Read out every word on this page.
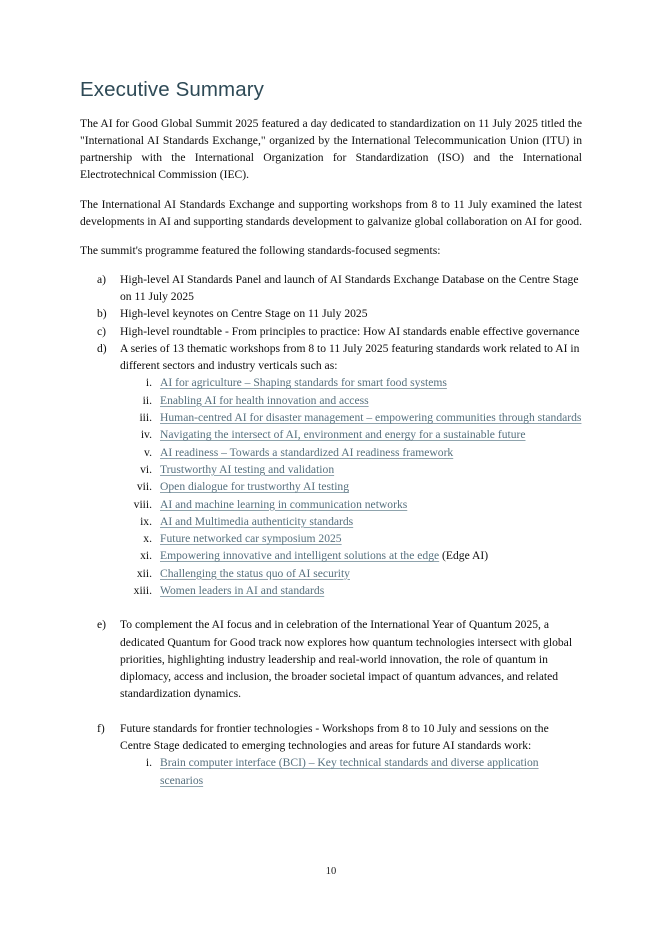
Executive Summary

The AI for Good Global Summit 2025 featured a day dedicated to standardization on 11 July 2025 titled the "International AI Standards Exchange," organized by the International Telecommunication Union (ITU) in partnership with the International Organization for Standardization (ISO) and the International Electrotechnical Commission (IEC).

The International AI Standards Exchange and supporting workshops from 8 to 11 July examined the latest developments in AI and supporting standards development to galvanize global collaboration on AI for good.

The summit's programme featured the following standards-focused segments:

a)	High-level AI Standards Panel and launch of AI Standards Exchange Database on the Centre Stage on 11 July 2025
b)	High-level keynotes on Centre Stage on 11 July 2025
c)	High-level roundtable - From principles to practice: How AI standards enable effective governance
d)	A series of 13 thematic workshops from 8 to 11 July 2025 featuring standards work related to AI in different sectors and industry verticals such as:
i. AI for agriculture – Shaping standards for smart food systems
ii. Enabling AI for health innovation and access
iii. Human-centred AI for disaster management – empowering communities through standards
iv. Navigating the intersect of AI, environment and energy for a sustainable future
v. AI readiness – Towards a standardized AI readiness framework
vi. Trustworthy AI testing and validation
vii. Open dialogue for trustworthy AI testing
viii. AI and machine learning in communication networks
ix. AI and Multimedia authenticity standards
x. Future networked car symposium 2025
xi. Empowering innovative and intelligent solutions at the edge (Edge AI)
xii. Challenging the status quo of AI security
xiii. Women leaders in AI and standards
e)	To complement the AI focus and in celebration of the International Year of Quantum 2025, a dedicated Quantum for Good track now explores how quantum technologies intersect with global priorities, highlighting industry leadership and real-world innovation, the role of quantum in diplomacy, access and inclusion, the broader societal impact of quantum advances, and related standardization dynamics.
f)	Future standards for frontier technologies - Workshops from 8 to 10 July and sessions on the Centre Stage dedicated to emerging technologies and areas for future AI standards work:
i. Brain computer interface (BCI) – Key technical standards and diverse application scenarios
10
